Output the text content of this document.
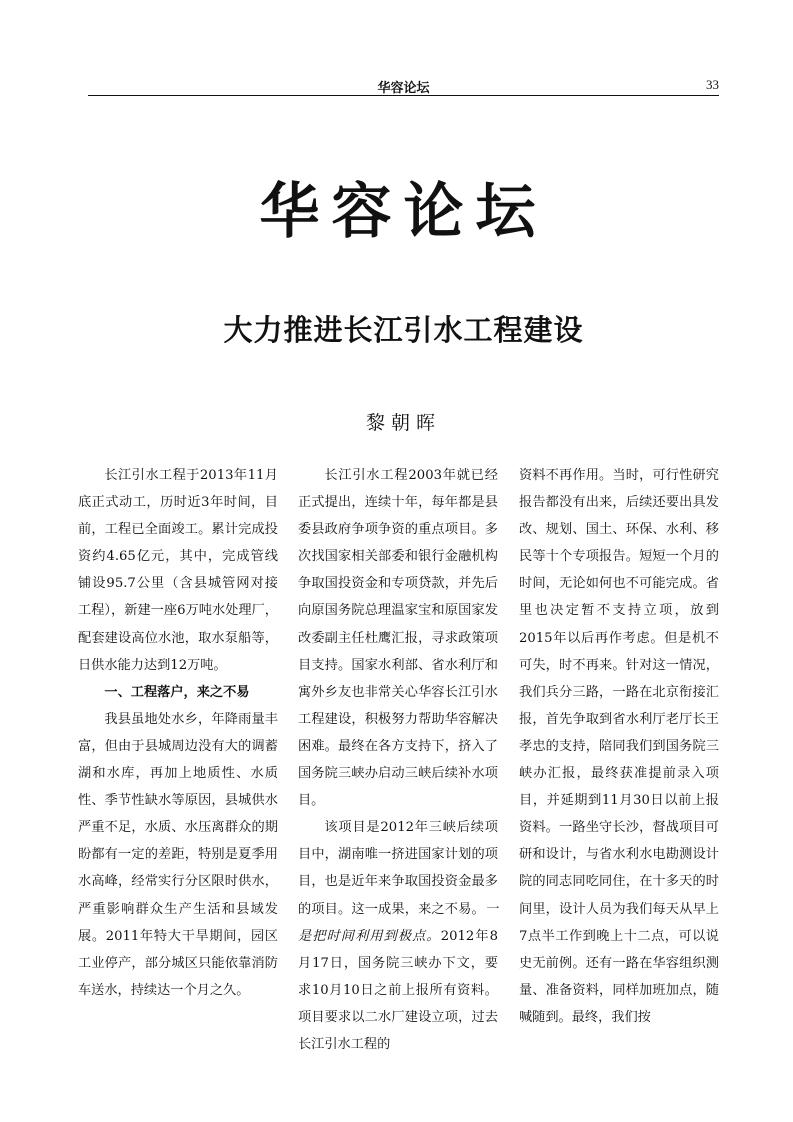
华容论坛	33
华容论坛
大力推进长江引水工程建设
黎朝晖

长江引水工程于2013年11月底正式动工，历时近3年时间，目前，工程已全面竣工。累计完成投资约4.65亿元，其中，完成管线铺设95.7公里（含县城管网对接工程），新建一座6万吨水处理厂，配套建设高位水池，取水泵船等，日供水能力达到12万吨。

一、工程落户，来之不易

我县虽地处水乡，年降雨量丰富，但由于县城周边没有大的调蓄湖和水库，再加上地质性、水质性、季节性缺水等原因，县城供水严重不足，水质、水压离群众的期盼都有一定的差距，特别是夏季用水高峰，经常实行分区限时供水，严重影响群众生产生活和县域发展。2011年特大干旱期间，园区工业停产，部分城区只能依靠消防车送水，持续达一个月之久。

长江引水工程2003年就已经正式提出，连续十年，每年都是县委县政府争项争资的重点项目。多次找国家相关部委和银行金融机构争取国投资金和专项贷款，并先后向原国务院总理温家宝和原国家发改委副主任杜鹰汇报，寻求政策项目支持。国家水利部、省水利厅和寓外乡友也非常关心华容长江引水工程建设，积极努力帮助华容解决困难。最终在各方支持下，挤入了国务院三峡办启动三峡后续补水项目。

该项目是2012年三峡后续项目中，湖南唯一挤进国家计划的项目，也是近年来争取国投资金最多的项目。这一成果，来之不易。一是把时间利用到极点。2012年8月17日，国务院三峡办下文，要求10月10日之前上报所有资料。项目要求以二水厂建设立项，过去长江引水工程的

资料不再作用。当时，可行性研究报告都没有出来，后续还要出具发改、规划、国土、环保、水利、移民等十个专项报告。短短一个月的时间，无论如何也不可能完成。省里也决定暂不支持立项，放到2015年以后再作考虑。但是机不可失，时不再来。针对这一情况，我们兵分三路，一路在北京衔接汇报，首先争取到省水利厅老厅长王孝忠的支持，陪同我们到国务院三峡办汇报，最终获准提前录入项目，并延期到11月30日以前上报资料。一路坐守长沙，督战项目可研和设计，与省水利水电勘测设计院的同志同吃同住，在十多天的时间里，设计人员为我们每天从早上7点半工作到晚上十二点，可以说史无前例。还有一路在华容组织测量、准备资料，同样加班加点，随喊随到。最终，我们按
